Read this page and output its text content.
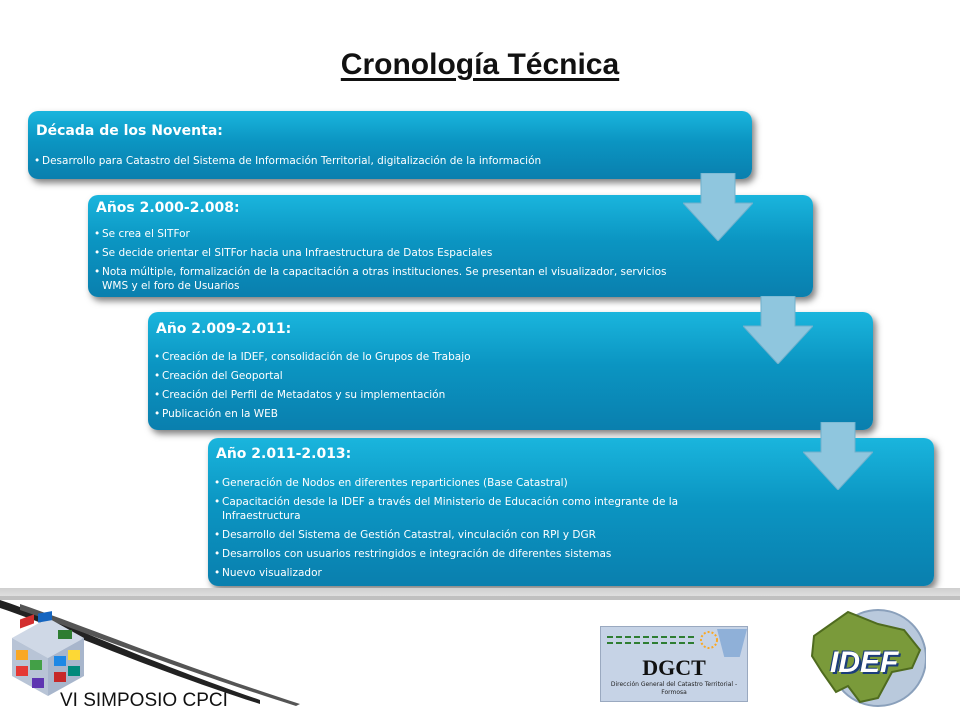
Cronología Técnica
Década de los Noventa:
• Desarrollo para Catastro del Sistema de Información Territorial, digitalización de la información
Años 2.000-2.008:
• Se crea el SITFor
• Se decide orientar el SITFor hacia una Infraestructura de Datos Espaciales
• Nota múltiple, formalización de la capacitación a otras instituciones. Se presentan el visualizador, servicios WMS y el foro de Usuarios
Año 2.009-2.011:
• Creación de la IDEF, consolidación de lo Grupos de Trabajo
• Creación del Geoportal
• Creación del Perfil de Metadatos y su implementación
• Publicación en la WEB
Año 2.011-2.013:
• Generación de Nodos en diferentes reparticiones (Base Catastral)
• Capacitación desde la IDEF a través del Ministerio de Educación como integrante de la Infraestructura
• Desarrollo del Sistema de Gestión Catastral, vinculación con RPI y DGR
• Desarrollos con usuarios restringidos e integración de diferentes sistemas
• Nuevo visualizador
VI SIMPOSIO CPCI
DGCT
Dirección General del Catastro Territorial - Formosa
IDEF
